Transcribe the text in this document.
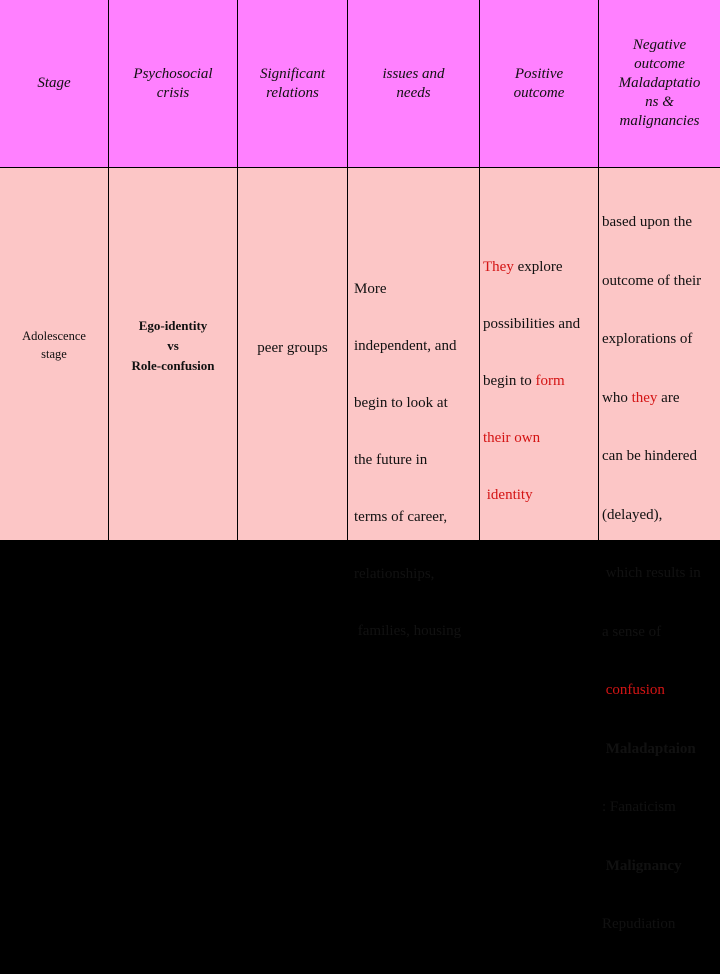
Stage
Psychosocial
crisis
Significant
relations
issues and
needs
Positive
outcome
Negative
outcome
Maladaptatio
ns &
malignancies
Adolescence
stage
Ego-identity
vs
Role-confusion
peer groups

More

independent, and

begin to look at

the future in

terms of career,

relationships,

families, housing

They explore

possibilities and

begin to form

their own

identity

based upon the

outcome of their

explorations of

who they are

can be hindered

(delayed),

which results in

a sense of

confusion

Maladaptaion

: Fanaticism

Malignancy

Repudiation
